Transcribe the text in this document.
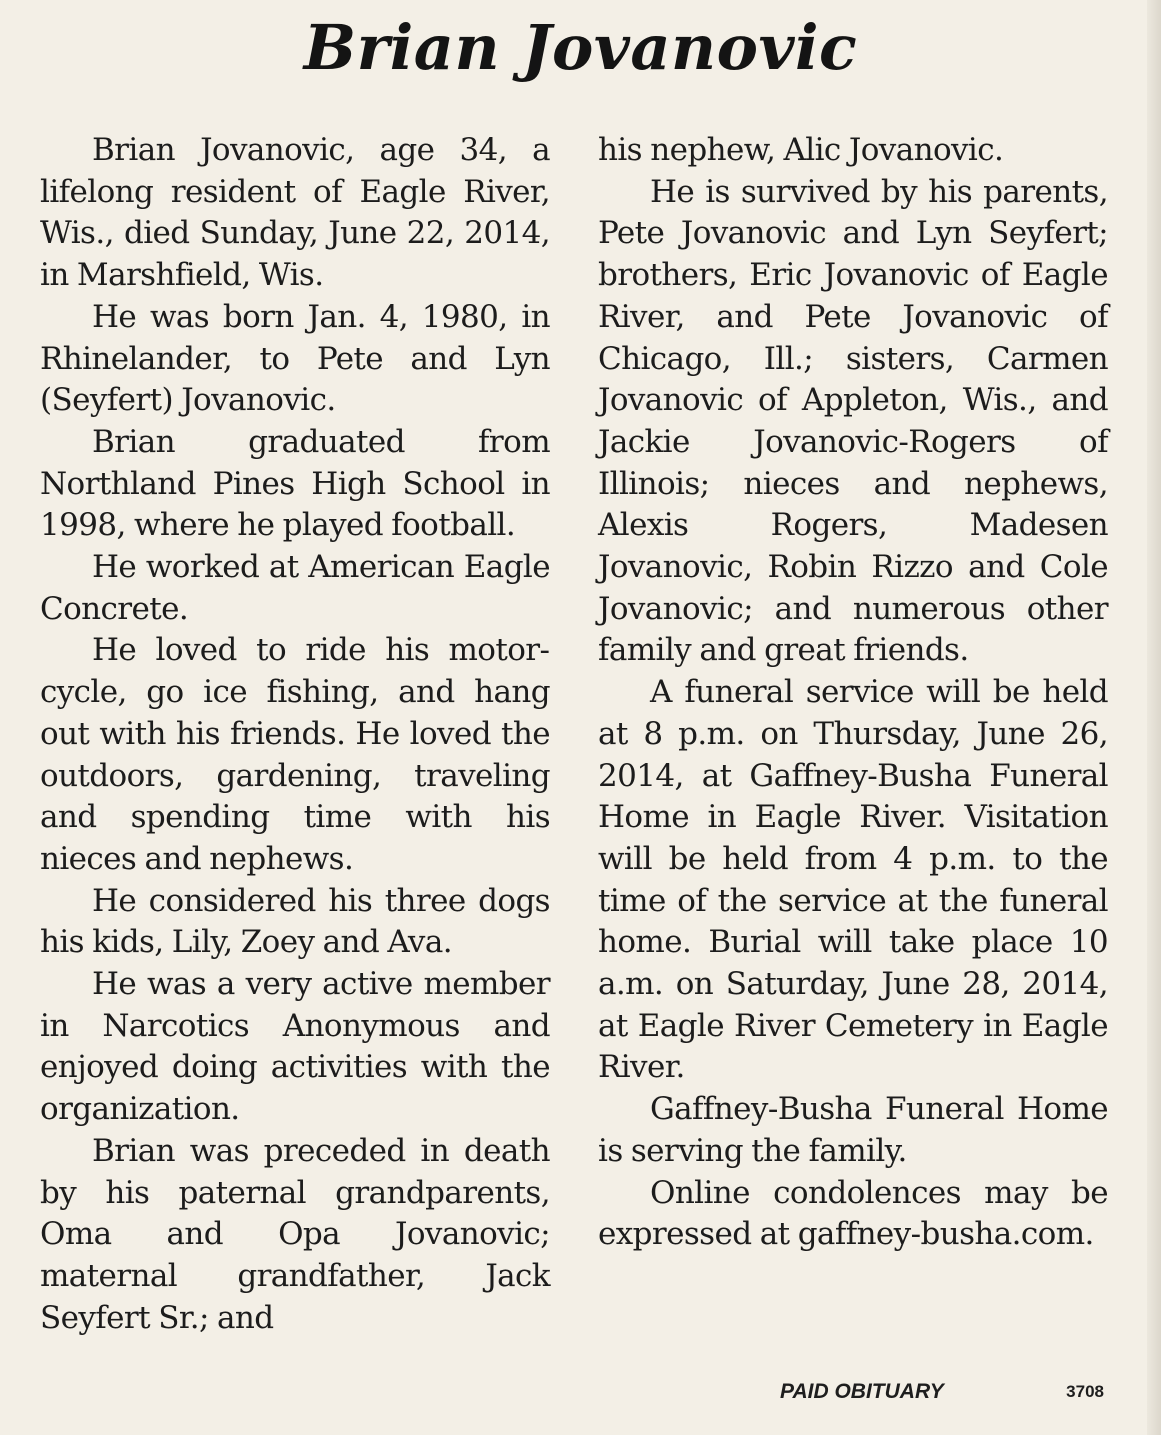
Brian Jovanovic

Brian Jovanovic, age 34, a lifelong resident of Eagle River, Wis., died Sunday, June 22, 2014, in Marshfield, Wis.

He was born Jan. 4, 1980, in Rhinelander, to Pete and Lyn (Seyfert) Jovanovic.

Brian graduated from Northland Pines High School in 1998, where he played football.

He worked at American Eagle Concrete.

He loved to ride his motorcycle, go ice fishing, and hang out with his friends. He loved the outdoors, gardening, traveling and spending time with his nieces and nephews.

He considered his three dogs his kids, Lily, Zoey and Ava.

He was a very active member in Narcotics Anonymous and enjoyed doing activities with the organization.

Brian was preceded in death by his paternal grandparents, Oma and Opa Jovanovic; maternal grandfather, Jack Seyfert Sr.; and

his nephew, Alic Jovanovic.

He is survived by his parents, Pete Jovanovic and Lyn Seyfert; brothers, Eric Jovanovic of Eagle River, and Pete Jovanovic of Chicago, Ill.; sisters, Carmen Jovanovic of Appleton, Wis., and Jackie Jovanovic-Rogers of Illinois; nieces and nephews, Alexis Rogers, Madesen Jovanovic, Robin Rizzo and Cole Jovanovic; and numerous other family and great friends.

A funeral service will be held at 8 p.m. on Thursday, June 26, 2014, at Gaffney-Busha Funeral Home in Eagle River. Visitation will be held from 4 p.m. to the time of the service at the funeral home. Burial will take place 10 a.m. on Saturday, June 28, 2014, at Eagle River Cemetery in Eagle River.

Gaffney-Busha Funeral Home is serving the family.

Online condolences may be expressed at gaffney-busha.com.

PAID OBITUARY	3708
